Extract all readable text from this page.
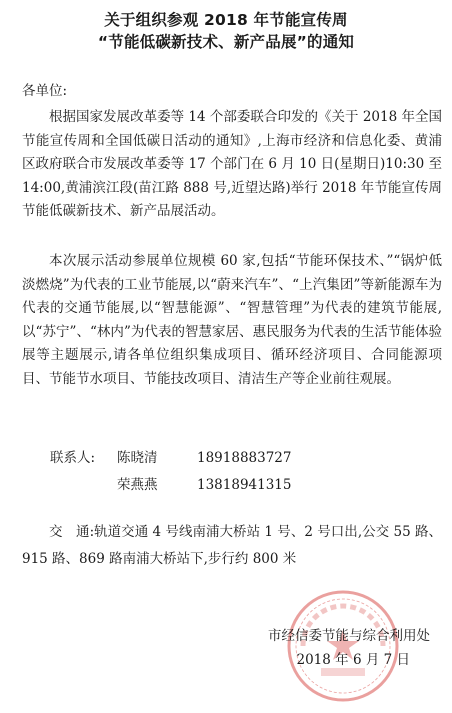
关于组织参观 2018 年节能宣传周
“节能低碳新技术、新产品展”的通知
各单位:

根据国家发展改革委等 14 个部委联合印发的《关于 2018 年全国节能宣传周和全国低碳日活动的通知》,上海市经济和信息化委、黄浦区政府联合市发展改革委等 17 个部门在 6 月 10 日(星期日)10:30 至 14:00,黄浦滨江段(苗江路 888 号,近望达路)举行 2018 年节能宣传周节能低碳新技术、新产品展活动。

本次展示活动参展单位规模 60 家,包括“节能环保技术、”“锅炉低淡燃烧”为代表的工业节能展,以“蔚来汽车”、“上汽集团”等新能源车为代表的交通节能展,以“智慧能源”、“智慧管理”为代表的建筑节能展,以“苏宁”、“林内”为代表的智慧家居、惠民服务为代表的生活节能体验展等主题展示,请各单位组织集成项目、循环经济项目、合同能源项目、节能节水项目、节能技改项目、清洁生产等企业前往观展。

联系人: 陈晓清	18918883727
荣燕燕	13818941315

交　通:轨道交通 4 号线南浦大桥站 1 号、2 号口出,公交 55 路、915 路、869 路南浦大桥站下,步行约 800 米

市经信委节能与综合利用处
2018 年 6 月 7 日
